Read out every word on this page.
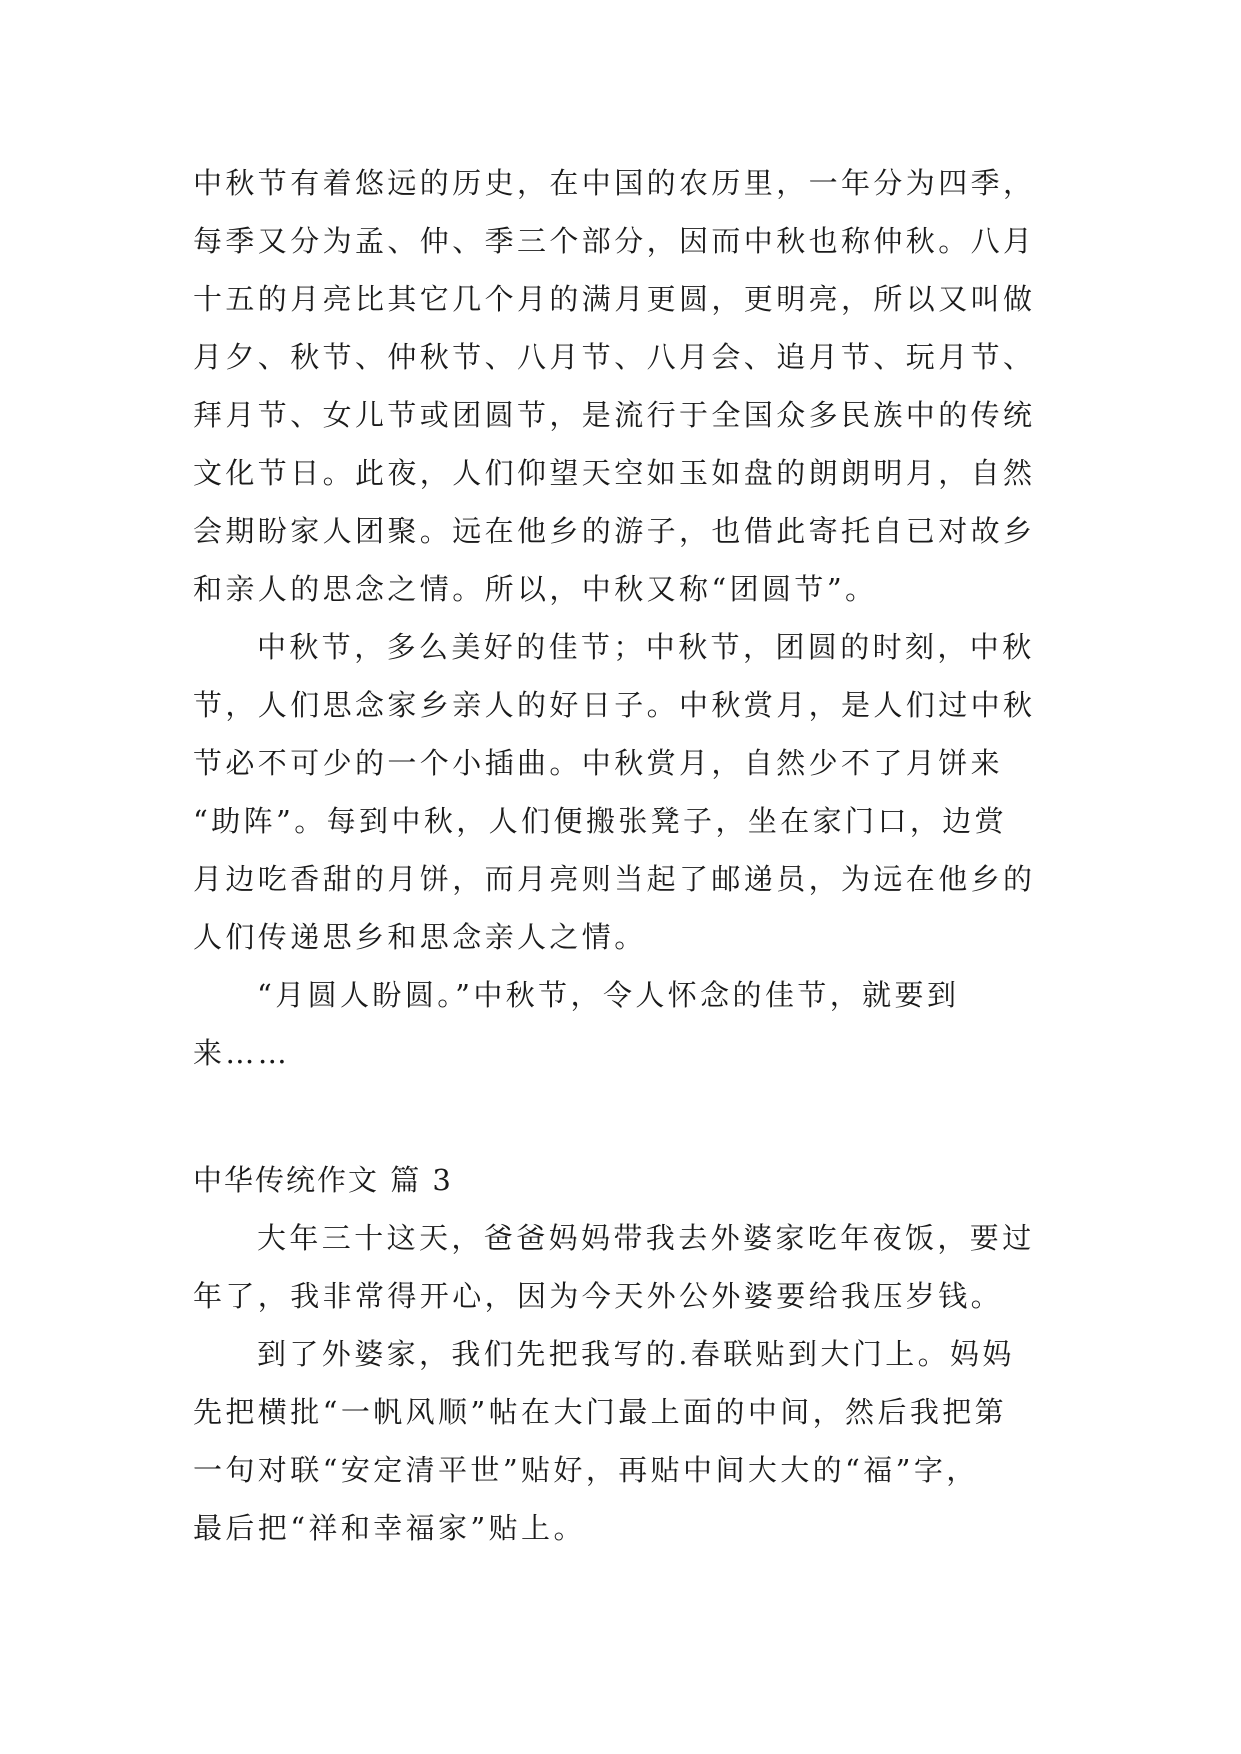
中秋节有着悠远的历史，在中国的农历里，一年分为四季，
每季又分为孟、仲、季三个部分，因而中秋也称仲秋。八月
十五的月亮比其它几个月的满月更圆，更明亮，所以又叫做
月夕、秋节、仲秋节、八月节、八月会、追月节、玩月节、
拜月节、女儿节或团圆节，是流行于全国众多民族中的传统
文化节日。此夜，人们仰望天空如玉如盘的朗朗明月，自然
会期盼家人团聚。远在他乡的游子，也借此寄托自已对故乡
和亲人的思念之情。所以，中秋又称“团圆节”。
中秋节，多么美好的佳节；中秋节，团圆的时刻，中秋
节，人们思念家乡亲人的好日子。中秋赏月，是人们过中秋
节必不可少的一个小插曲。中秋赏月，自然少不了月饼来
“助阵”。每到中秋，人们便搬张凳子，坐在家门口，边赏
月边吃香甜的月饼，而月亮则当起了邮递员，为远在他乡的
人们传递思乡和思念亲人之情。
“月圆人盼圆。”中秋节，令人怀念的佳节，就要到
来……
中华传统作文 篇 3
大年三十这天，爸爸妈妈带我去外婆家吃年夜饭，要过
年了，我非常得开心，因为今天外公外婆要给我压岁钱。
到了外婆家，我们先把我写的.春联贴到大门上。妈妈
先把横批“一帆风顺”帖在大门最上面的中间，然后我把第
一句对联“安定清平世”贴好，再贴中间大大的“福”字，
最后把“祥和幸福家”贴上。
